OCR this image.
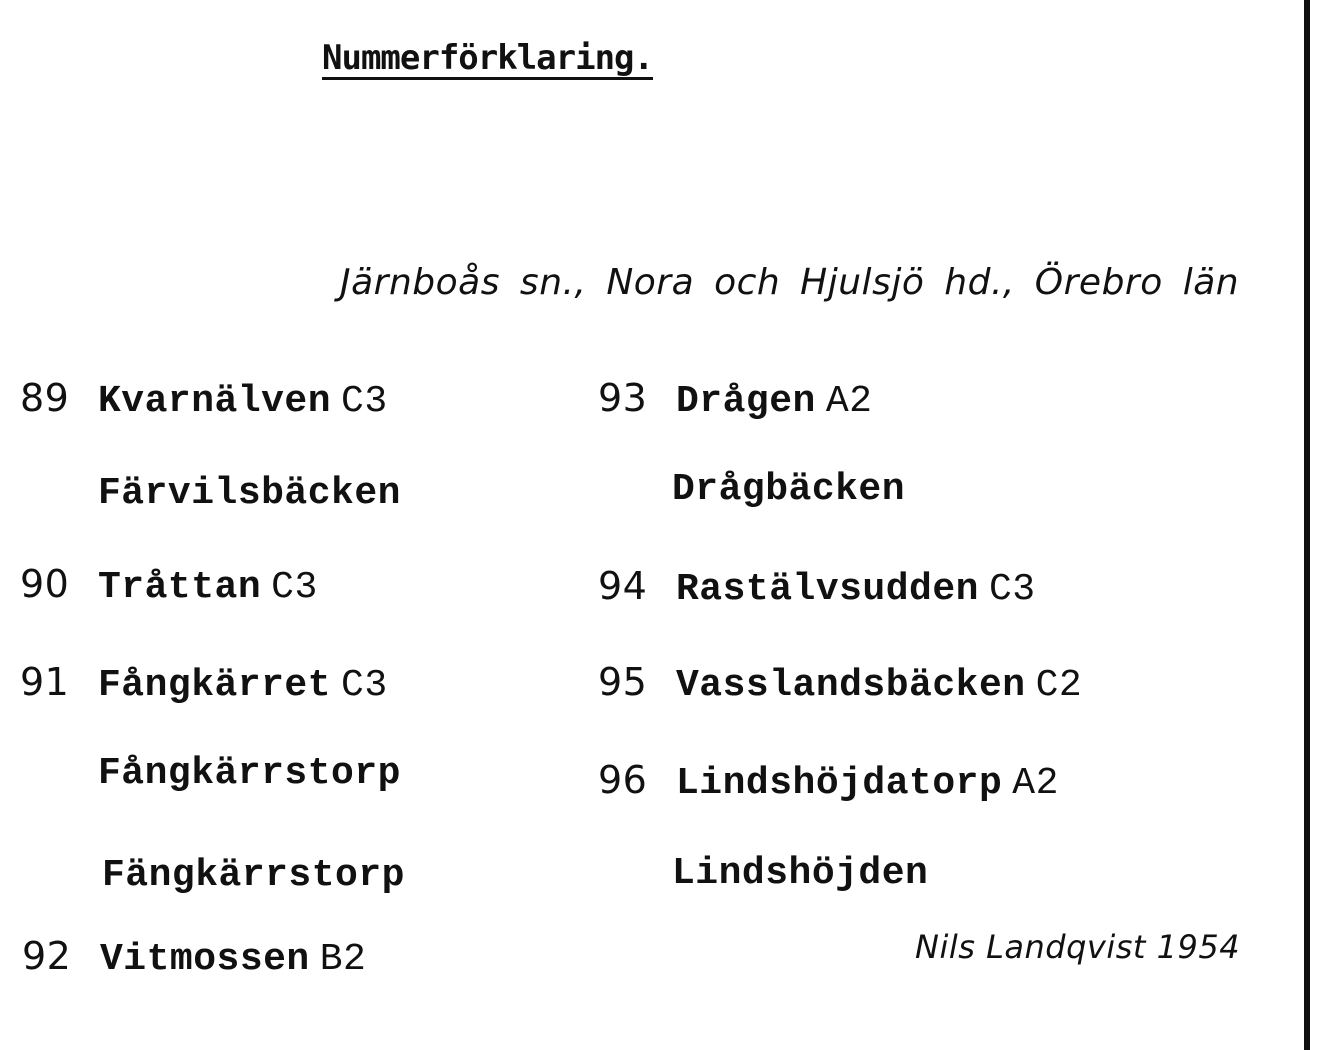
Nummerförklaring.
Järnboås sn., Nora och Hjulsjö hd., Örebro län
89 Kvarnälven C3
Färvilsbäcken
90 Tråttan C3
91 Fångkärret C3
Fångkärrstorp
Fängkärrstorp
92 Vitmossen B2
93 Drågen A2
Drågbäcken
94 Rastälvsudden C3
95 Vasslandsbäcken C2
96 Lindshöjdatorp A2
Lindshöjden
Nils Landqvist 1954
